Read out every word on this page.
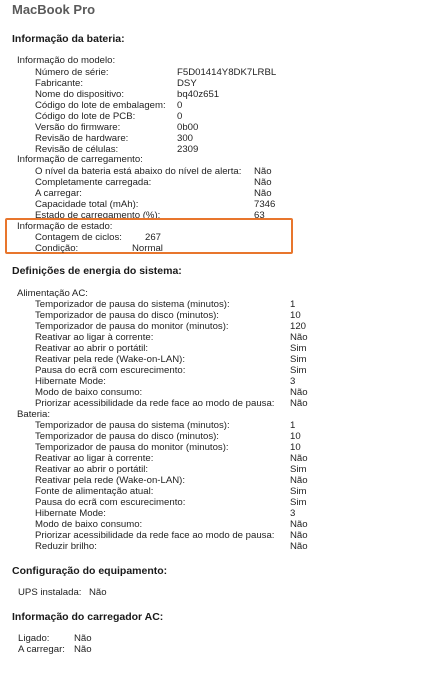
MacBook Pro
Informação da bateria:
Informação do modelo:
Número de série:	F5D01414Y8DK7LRBL
Fabricante:	DSY
Nome do dispositivo:	bq40z651
Código do lote de embalagem: 0
Código do lote de PCB:	0
Versão do firmware:	0b00
Revisão de hardware:	300
Revisão de células:	2309
Informação de carregamento:
O nível da bateria está abaixo do nível de alerta: Não
Completamente carregada:	Não
A carregar:	Não
Capacidade total (mAh):	7346
Estado de carregamento (%):	63
Informação de estado:
Contagem de ciclos: 267
Condição:	Normal
Definições de energia do sistema:
Alimentação AC:
Temporizador de pausa do sistema (minutos):	1
Temporizador de pausa do disco (minutos):	10
Temporizador de pausa do monitor (minutos):	120
Reativar ao ligar à corrente:	Não
Reativar ao abrir o portátil:	Sim
Reativar pela rede (Wake-on-LAN):	Sim
Pausa do ecrã com escurecimento:	Sim
Hibernate Mode:	3
Modo de baixo consumo:	Não
Priorizar acessibilidade da rede face ao modo de pausa: Não
Bateria:
Temporizador de pausa do sistema (minutos):	1
Temporizador de pausa do disco (minutos):	10
Temporizador de pausa do monitor (minutos):	10
Reativar ao ligar à corrente:	Não
Reativar ao abrir o portátil:	Sim
Reativar pela rede (Wake-on-LAN):	Não
Fonte de alimentação atual:	Sim
Pausa do ecrã com escurecimento:	Sim
Hibernate Mode:	3
Modo de baixo consumo:	Não
Priorizar acessibilidade da rede face ao modo de pausa: Não
Reduzir brilho:	Não
Configuração do equipamento:
UPS instalada: Não
Informação do carregador AC:
Ligado:	Não
A carregar: Não
